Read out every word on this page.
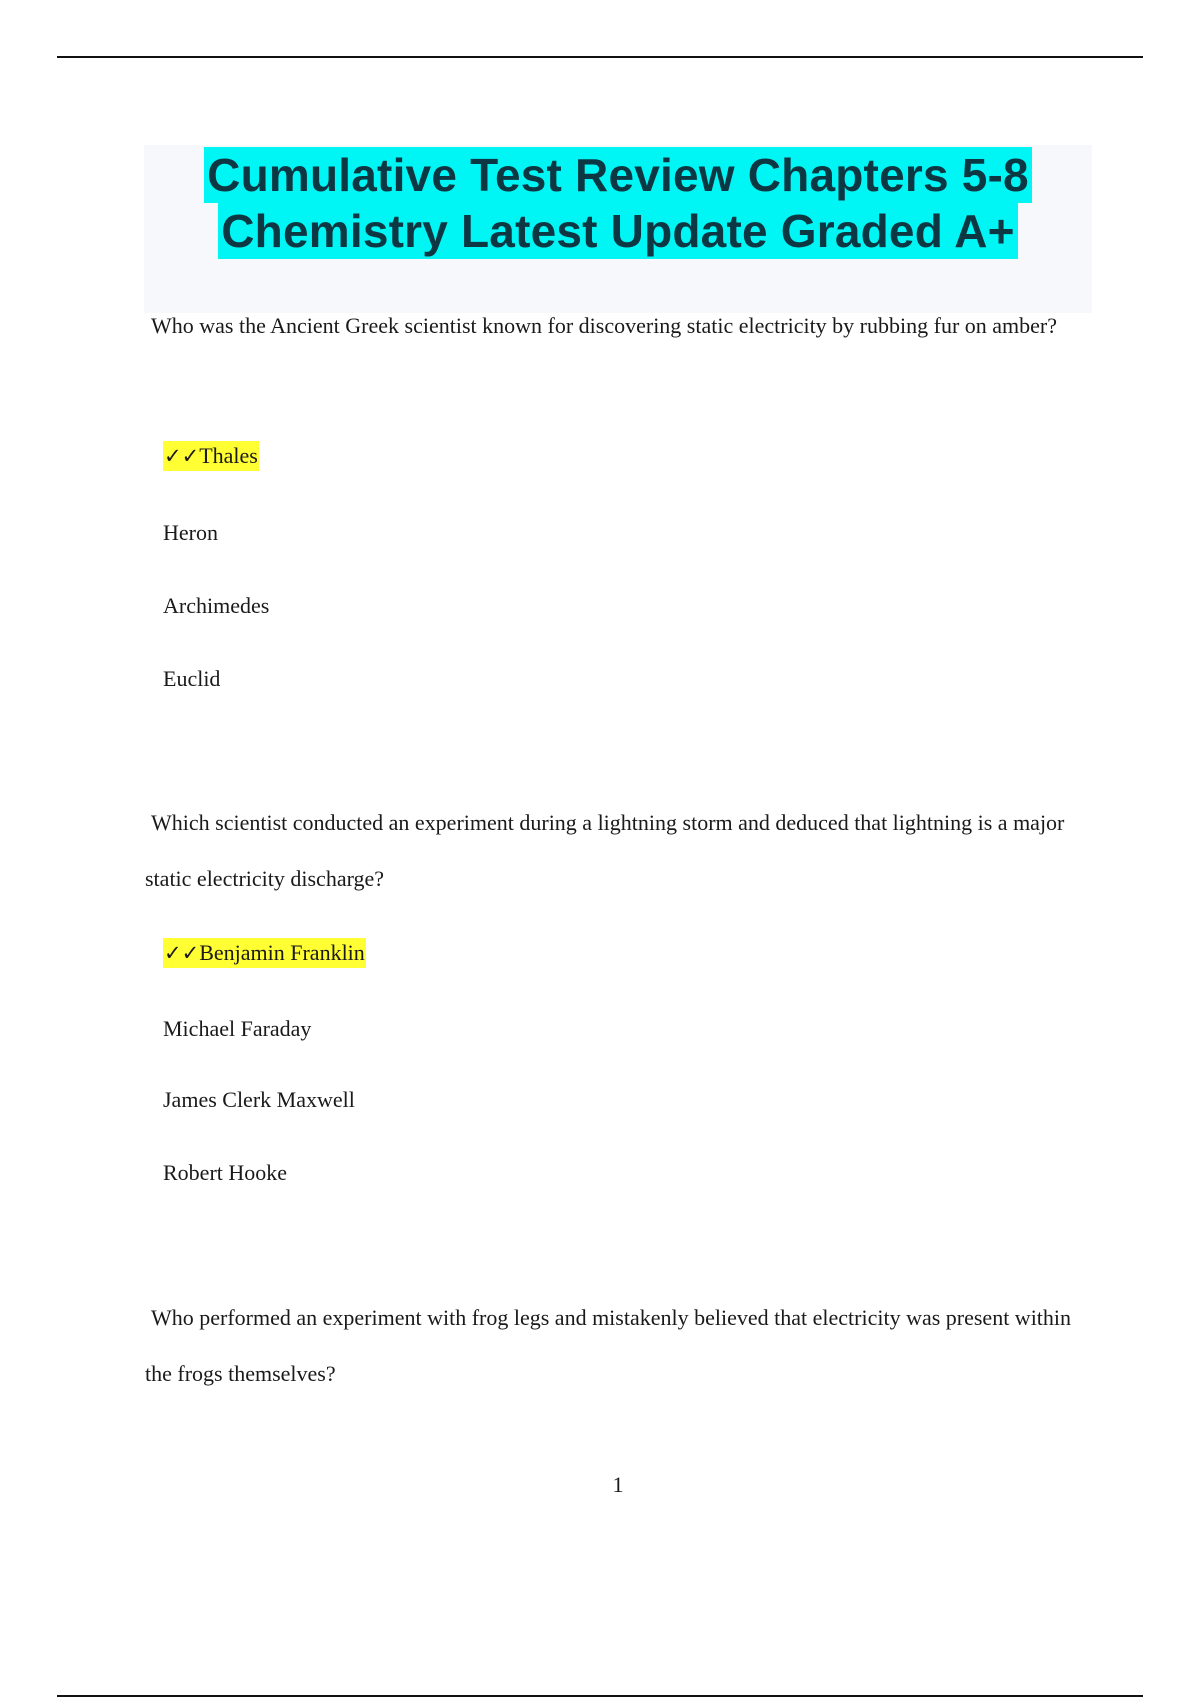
Cumulative Test Review Chapters 5-8
Chemistry Latest Update Graded A+

Who was the Ancient Greek scientist known for discovering static electricity by rubbing fur on amber?

✓✓Thales

Heron

Archimedes

Euclid

Which scientist conducted an experiment during a lightning storm and deduced that lightning is a major static electricity discharge?

✓✓Benjamin Franklin

Michael Faraday

James Clerk Maxwell

Robert Hooke

Who performed an experiment with frog legs and mistakenly believed that electricity was present within the frogs themselves?

1
